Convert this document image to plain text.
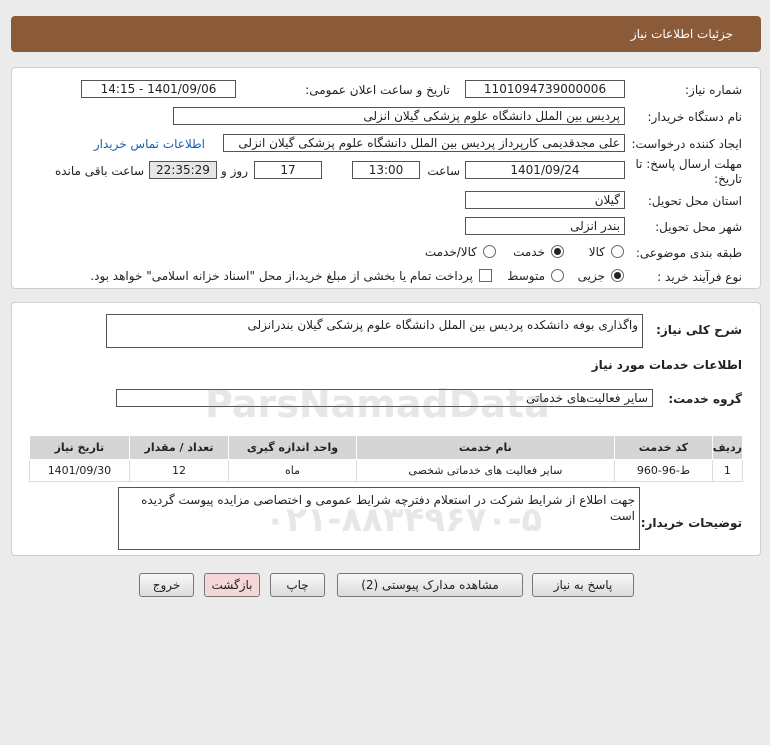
جزئیات اطلاعات نیاز
شماره نیاز:
1101094739000006
تاریخ و ساعت اعلان عمومی:
1401/09/06 - 14:15
نام دستگاه خریدار:
پردیس بین الملل دانشگاه علوم پزشکی گیلان انزلی
ایجاد کننده درخواست:
علی مجدقدیمی کارپرداز پردیس بین الملل دانشگاه علوم پزشکی گیلان انزلی
اطلاعات تماس خریدار
مهلت ارسال پاسخ: تا
تاریخ:
1401/09/24
ساعت
13:00
17
روز و
22:35:29
ساعت باقی مانده
استان محل تحویل:
گیلان
شهر محل تحویل:
بندر انزلی
طبقه بندی موضوعی:
کالا
خدمت
کالا/خدمت
نوع فرآیند خرید :
جزیی
متوسط
پرداخت تمام یا بخشی از مبلغ خرید،از محل "اسناد خزانه اسلامی" خواهد بود.
شرح کلی نیاز:
واگذاری بوفه دانشکده پردیس بین الملل دانشگاه علوم پزشکی گیلان بندرانزلی
اطلاعات خدمات مورد نیاز
گروه خدمت:
سایر فعالیت‌های خدماتی
ردیف	کد خدمت	نام خدمت	واحد اندازه گیری	تعداد / مقدار	تاریخ نیاز
1	ط-96-960	سایر فعالیت های خدماتی شخصی	ماه	12	1401/09/30
توضیحات خریدار:
جهت اطلاع از شرایط شرکت در استعلام دفترچه شرایط عمومی و اختصاصی مزایده پیوست گردیده است
پاسخ به نیاز
مشاهده مدارک پیوستی (2)
چاپ
بازگشت
خروج
